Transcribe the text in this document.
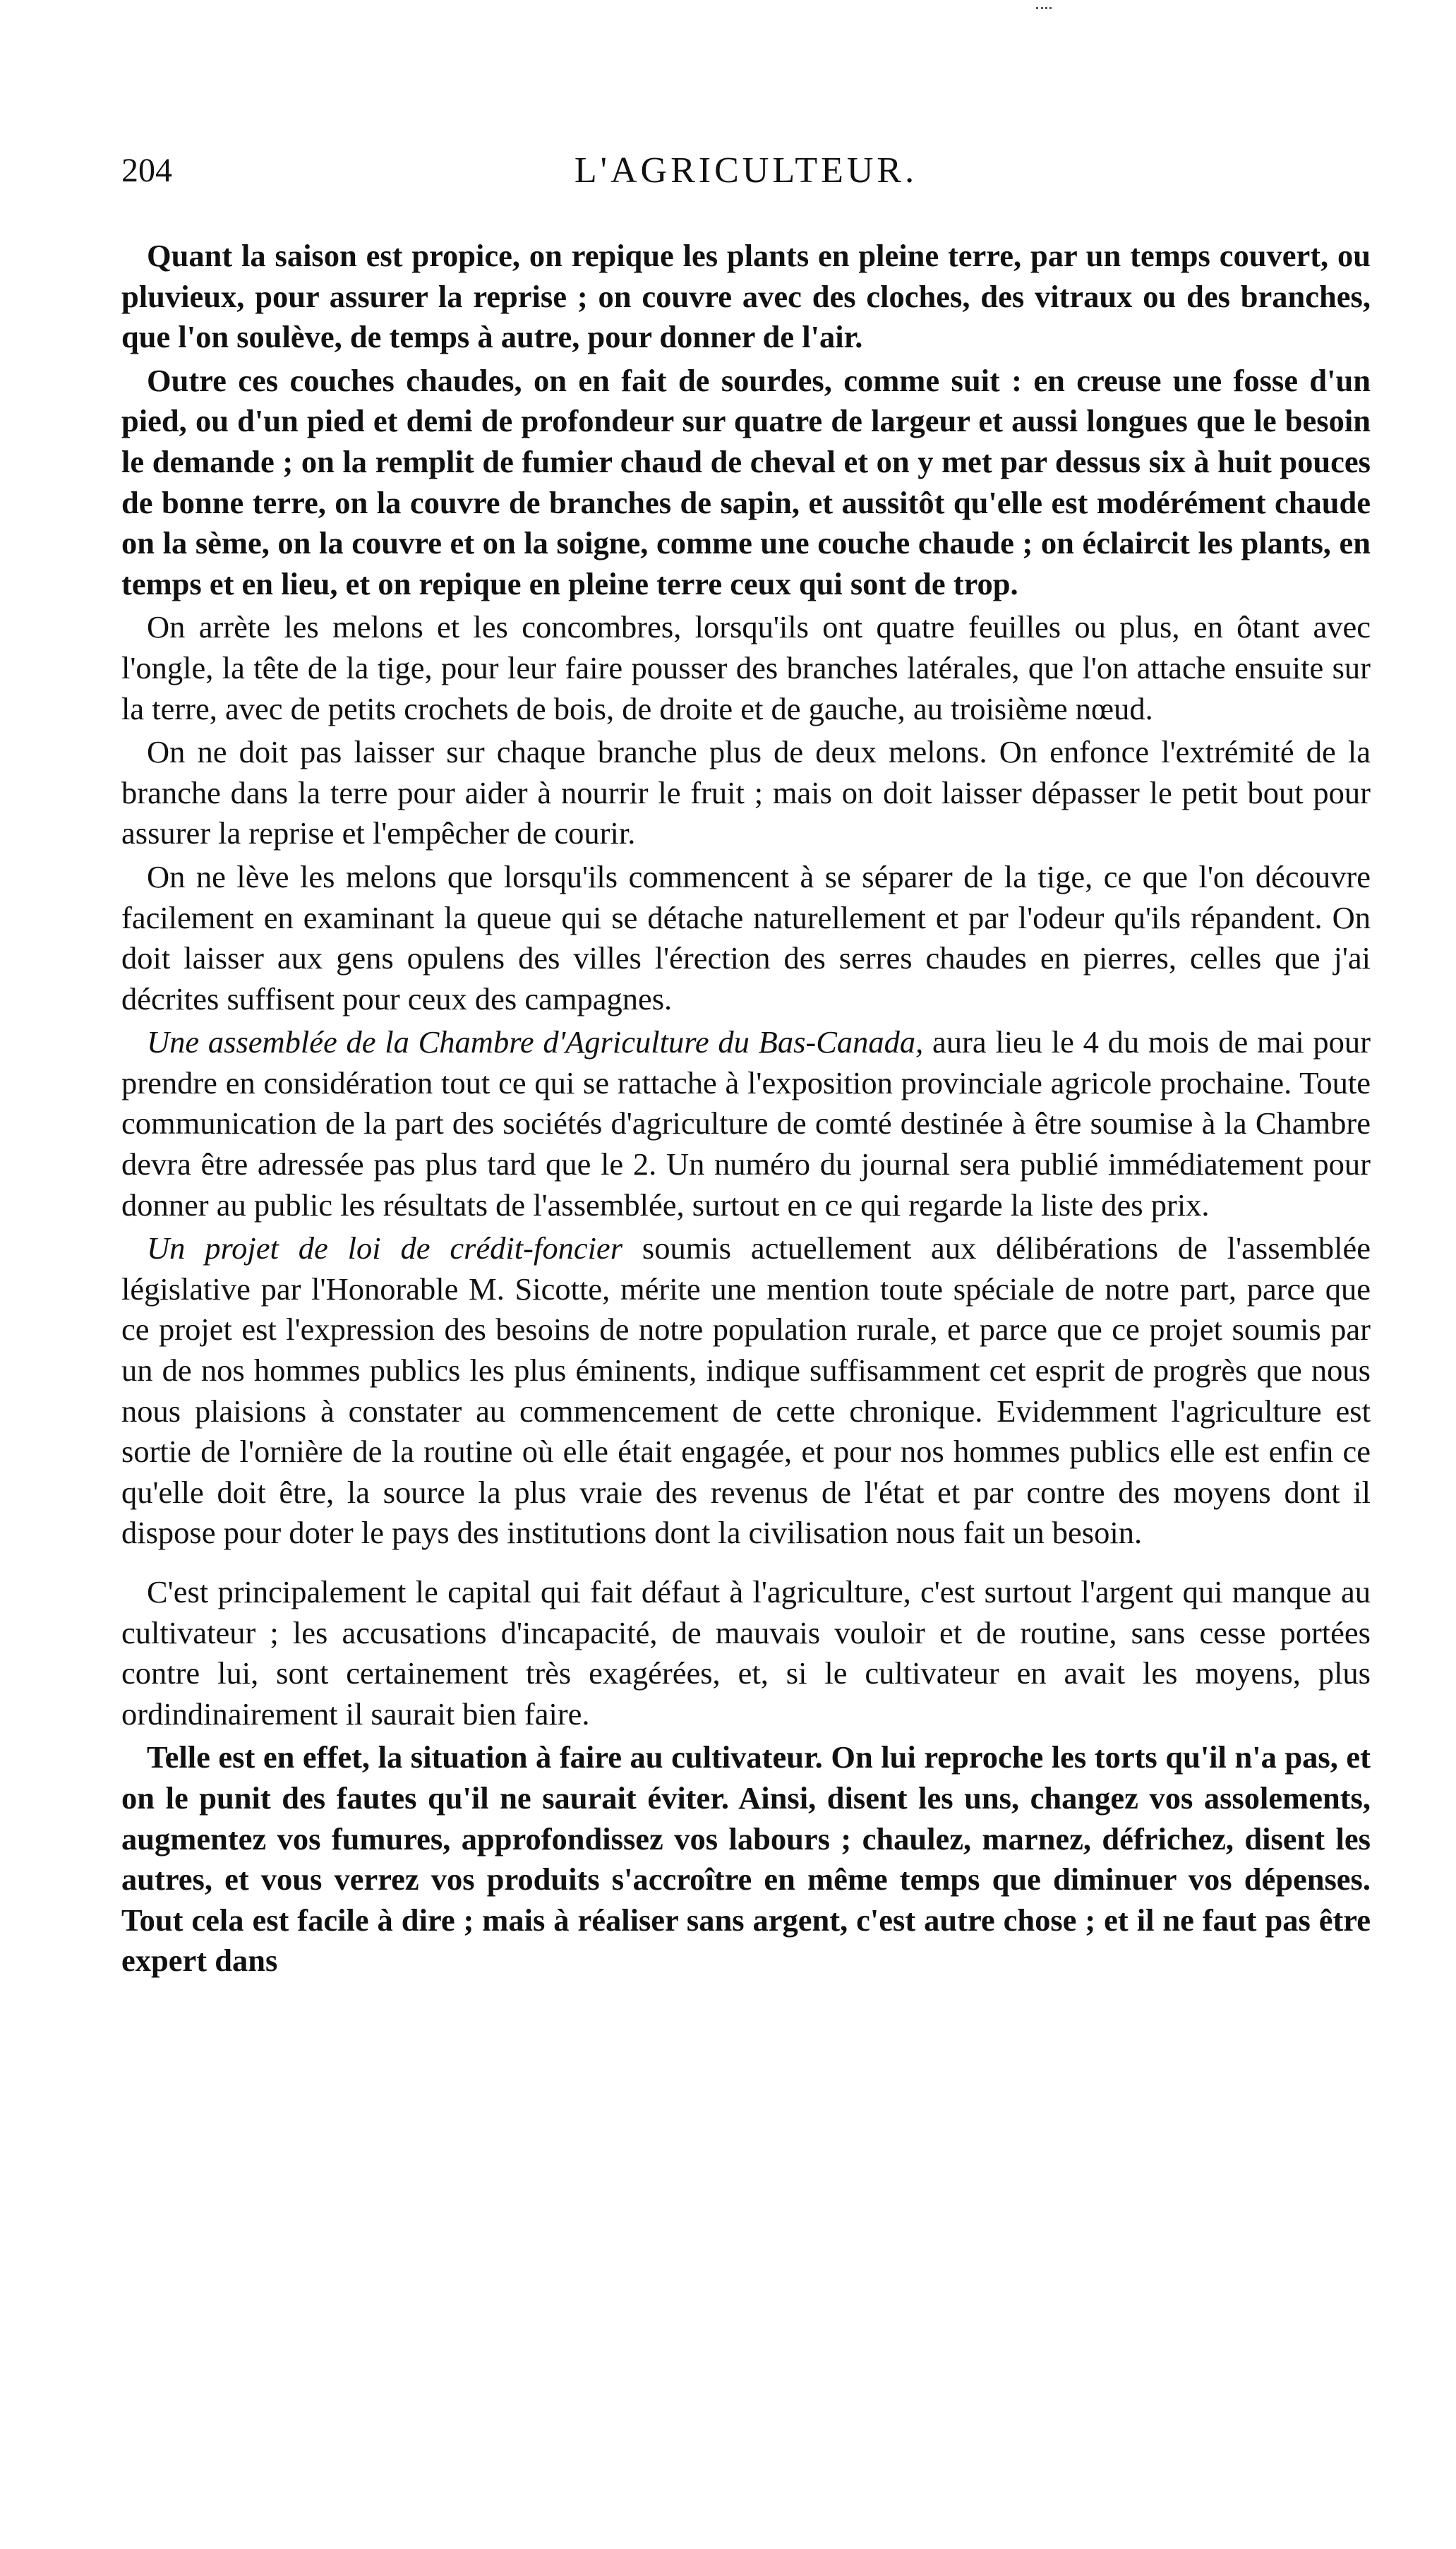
204	L'AGRICULTEUR.

Quant la saison est propice, on repique les plants en pleine terre, par un temps couvert, ou pluvieux, pour assurer la reprise ; on couvre avec des cloches, des vitraux ou des branches, que l'on soulève, de temps à autre, pour donner de l'air.

Outre ces couches chaudes, on en fait de sourdes, comme suit : en creuse une fosse d'un pied, ou d'un pied et demi de profondeur sur quatre de largeur et aussi longues que le besoin le demande ; on la remplit de fumier chaud de cheval et on y met par dessus six à huit pouces de bonne terre, on la couvre de branches de sapin, et aussitôt qu'elle est modérément chaude on la sème, on la couvre et on la soigne, comme une couche chaude ; on éclaircit les plants, en temps et en lieu, et on repique en pleine terre ceux qui sont de trop.

On arrète les melons et les concombres, lorsqu'ils ont quatre feuilles ou plus, en ôtant avec l'ongle, la tête de la tige, pour leur faire pousser des branches latérales, que l'on attache ensuite sur la terre, avec de petits crochets de bois, de droite et de gauche, au troisième nœud.

On ne doit pas laisser sur chaque branche plus de deux melons. On enfonce l'extrémité de la branche dans la terre pour aider à nourrir le fruit ; mais on doit laisser dépasser le petit bout pour assurer la reprise et l'empêcher de courir.

On ne lève les melons que lorsqu'ils commencent à se séparer de la tige, ce que l'on découvre facilement en examinant la queue qui se détache naturellement et par l'odeur qu'ils répandent. On doit laisser aux gens opulens des villes l'érection des serres chaudes en pierres, celles que j'ai décrites suffisent pour ceux des campagnes.

Une assemblée de la Chambre d'Agriculture du Bas-Canada, aura lieu le 4 du mois de mai pour prendre en considération tout ce qui se rattache à l'exposition provinciale agricole prochaine. Toute communication de la part des sociétés d'agriculture de comté destinée à être soumise à la Chambre devra être adressée pas plus tard que le 2. Un numéro du journal sera publié immédiatement pour donner au public les résultats de l'assemblée, surtout en ce qui regarde la liste des prix.

Un projet de loi de crédit-foncier soumis actuellement aux délibérations de l'assemblée législative par l'Honorable M. Sicotte, mérite une mention toute spéciale de notre part, parce que ce projet est l'expression des besoins de notre population rurale, et parce que ce projet soumis par un de nos hommes publics les plus éminents, indique suffisamment cet esprit de progrès que nous nous plaisions à constater au commencement de cette chronique. Evidemment l'agriculture est sortie de l'ornière de la routine où elle était engagée, et pour nos hommes publics elle est enfin ce qu'elle doit être, la source la plus vraie des revenus de l'état et par contre des moyens dont il dispose pour doter le pays des institutions dont la civilisation nous fait un besoin.

C'est principalement le capital qui fait défaut à l'agriculture, c'est surtout l'argent qui manque au cultivateur ; les accusations d'incapacité, de mauvais vouloir et de routine, sans cesse portées contre lui, sont certainement très exagérées, et, si le cultivateur en avait les moyens, plus ordindinairement il saurait bien faire.

Telle est en effet, la situation à faire au cultivateur. On lui reproche les torts qu'il n'a pas, et on le punit des fautes qu'il ne saurait éviter. Ainsi, disent les uns, changez vos assolements, augmentez vos fumures, approfondissez vos labours ; chaulez, marnez, défrichez, disent les autres, et vous verrez vos produits s'accroître en même temps que diminuer vos dépenses. Tout cela est facile à dire ; mais à réaliser sans argent, c'est autre chose ; et il ne faut pas être expert dans
